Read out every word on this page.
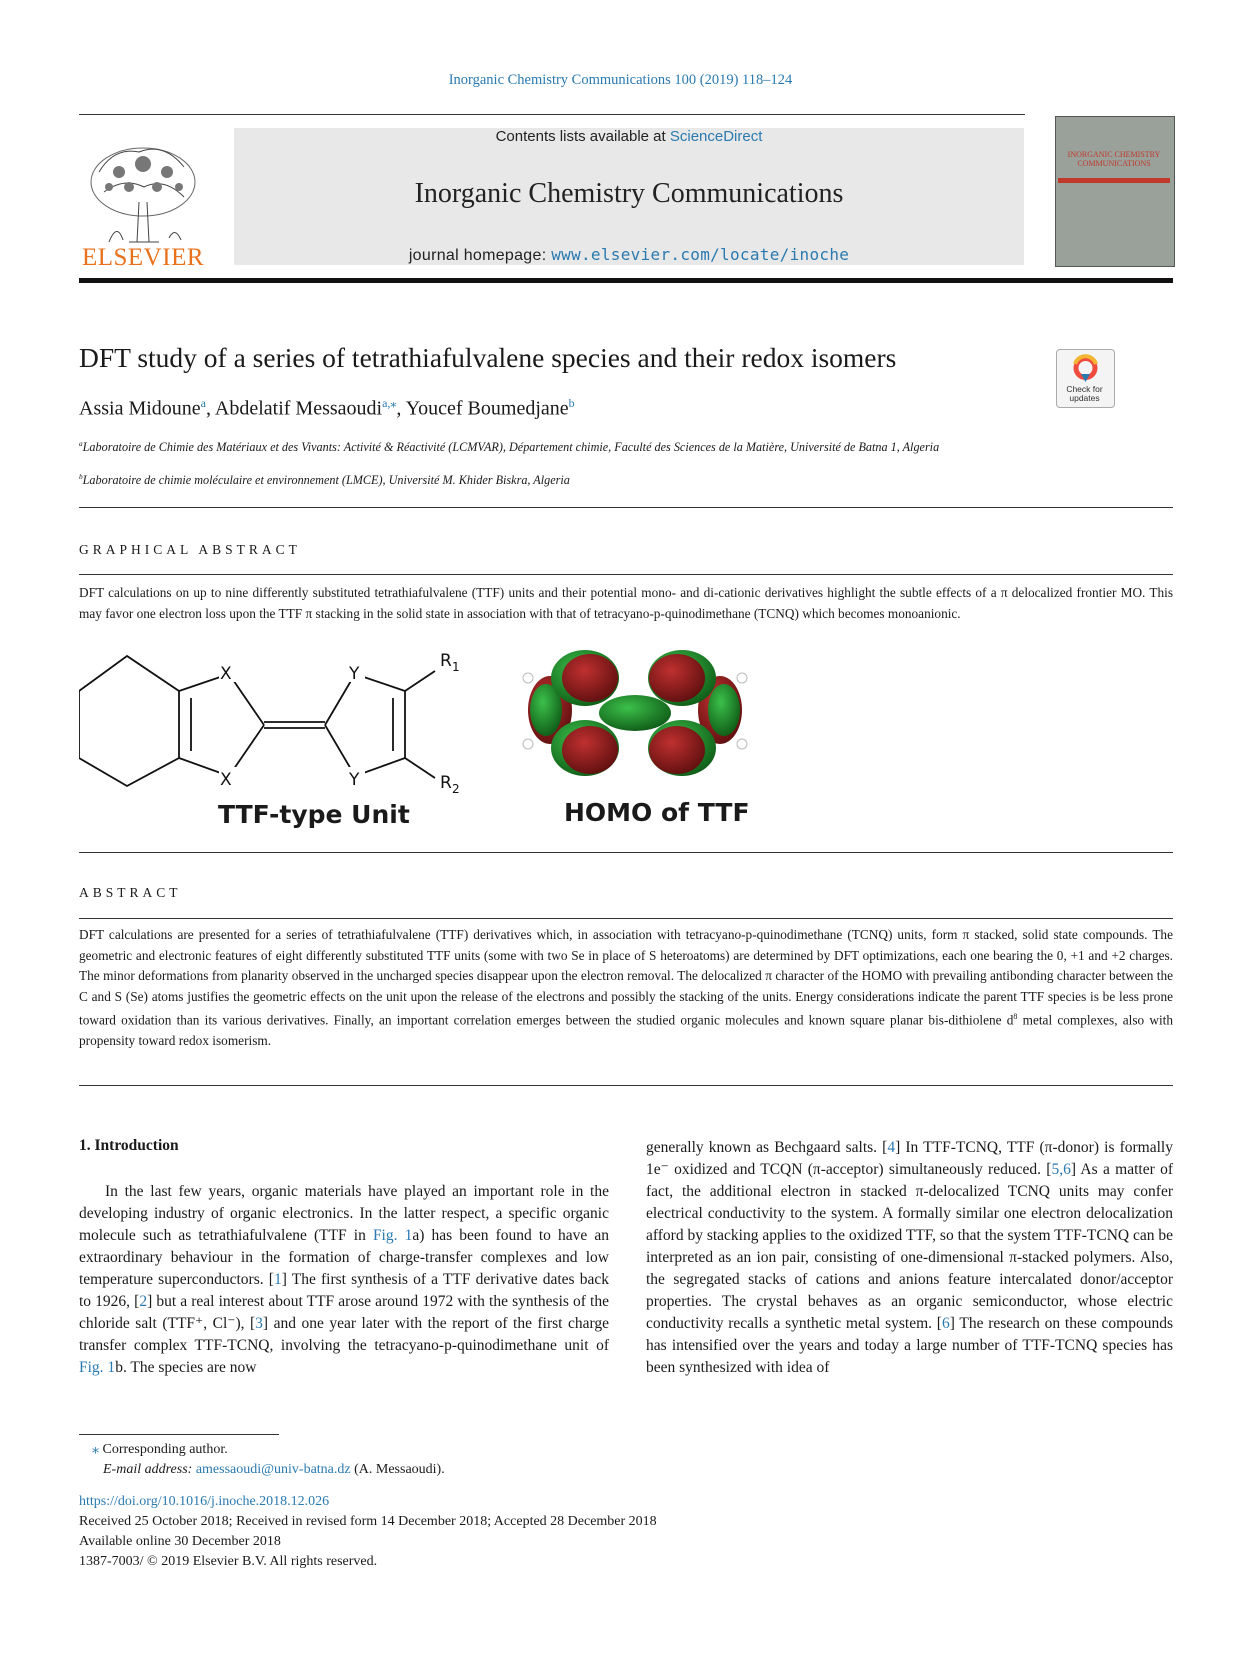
Inorganic Chemistry Communications 100 (2019) 118–124
ELSEVIER
Contents lists available at ScienceDirect
Inorganic Chemistry Communications
journal homepage: www.elsevier.com/locate/inoche
INORGANIC CHEMISTRY COMMUNICATIONS
DFT study of a series of tetrathiafulvalene species and their redox isomers
Check for updates
Assia Midoune$^a$, Abdelatif Messaoudi$^{a,⁎}$, Youcef Boumedjane$^b$
$^a$Laboratoire de Chimie des Matériaux et des Vivants: Activité & Réactivité (LCMVAR), Département chimie, Faculté des Sciences de la Matière, Université de Batna 1, Algeria
$^b$Laboratoire de chimie moléculaire et environnement (LMCE), Université M. Khider Biskra, Algeria
GRAPHICAL ABSTRACT
DFT calculations on up to nine differently substituted tetrathiafulvalene (TTF) units and their potential mono- and di-cationic derivatives highlight the subtle effects of a π delocalized frontier MO. This may favor one electron loss upon the TTF π stacking in the solid state in association with that of tetracyano-p-quinodimethane (TCNQ) which becomes monoanionic.
X
X
Y
Y
R 1
R 2
TTF-type Unit	HOMO of TTF
ABSTRACT
DFT calculations are presented for a series of tetrathiafulvalene (TTF) derivatives which, in association with tetracyano-p-quinodimethane (TCNQ) units, form π stacked, solid state compounds. The geometric and electronic features of eight differently substituted TTF units (some with two Se in place of S heteroatoms) are determined by DFT optimizations, each one bearing the 0, +1 and +2 charges. The minor deformations from planarity observed in the uncharged species disappear upon the electron removal. The delocalized π character of the HOMO with prevailing antibonding character between the C and S (Se) atoms justifies the geometric effects on the unit upon the release of the electrons and possibly the stacking of the units. Energy considerations indicate the parent TTF species is be less prone toward oxidation than its various derivatives. Finally, an important correlation emerges between the studied organic molecules and known square planar bis-dithiolene $d^8$ metal complexes, also with propensity toward redox isomerism.
1. Introduction

In the last few years, organic materials have played an important role in the developing industry of organic electronics. In the latter respect, a specific organic molecule such as tetrathiafulvalene (TTF in Fig. 1a) has been found to have an extraordinary behaviour in the formation of charge-transfer complexes and low temperature superconductors. [1] The first synthesis of a TTF derivative dates back to 1926, [2] but a real interest about TTF arose around 1972 with the synthesis of the chloride salt (TTF⁺, Cl⁻), [3] and one year later with the report of the first charge transfer complex TTF-TCNQ, involving the tetracyano-p-quinodimethane unit of Fig. 1b. The species are now

generally known as Bechgaard salts. [4] In TTF-TCNQ, TTF (π-donor) is formally 1e⁻ oxidized and TCQN (π-acceptor) simultaneously reduced. [5,6] As a matter of fact, the additional electron in stacked π-delocalized TCNQ units may confer electrical conductivity to the system. A formally similar one electron delocalization afford by stacking applies to the oxidized TTF, so that the system TTF-TCNQ can be interpreted as an ion pair, consisting of one-dimensional π-stacked polymers. Also, the segregated stacks of cations and anions feature intercalated donor/acceptor properties. The crystal behaves as an organic semiconductor, whose electric conductivity recalls a synthetic metal system. [6] The research on these compounds has intensified over the years and today a large number of TTF-TCNQ species has been synthesized with idea of
⁎ Corresponding author.
E-mail address: amessaoudi@univ-batna.dz (A. Messaoudi).
https://doi.org/10.1016/j.inoche.2018.12.026
Received 25 October 2018; Received in revised form 14 December 2018; Accepted 28 December 2018
Available online 30 December 2018
1387-7003/ © 2019 Elsevier B.V. All rights reserved.
